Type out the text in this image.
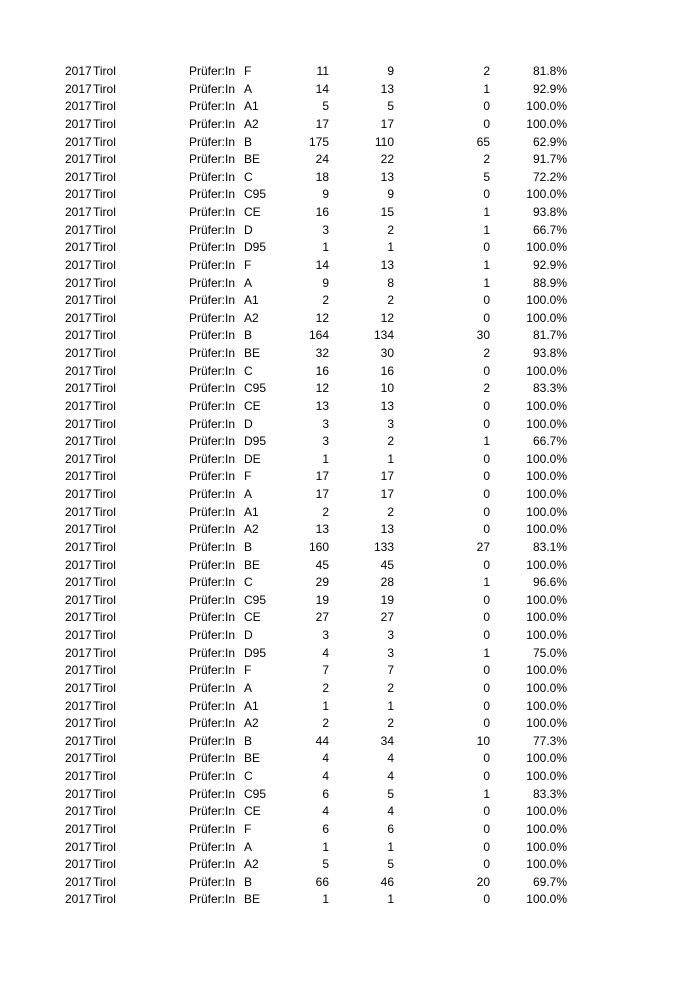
2017 Tirol	Prüfer:In F	11	9	2	81.8%
2017 Tirol	Prüfer:In A	14	13	1	92.9%
2017 Tirol	Prüfer:In A1	5	5	0	100.0%
2017 Tirol	Prüfer:In A2	17	17	0	100.0%
2017 Tirol	Prüfer:In B	175	110	65	62.9%
2017 Tirol	Prüfer:In BE	24	22	2	91.7%
2017 Tirol	Prüfer:In C	18	13	5	72.2%
2017 Tirol	Prüfer:In C95	9	9	0	100.0%
2017 Tirol	Prüfer:In CE	16	15	1	93.8%
2017 Tirol	Prüfer:In D	3	2	1	66.7%
2017 Tirol	Prüfer:In D95	1	1	0	100.0%
2017 Tirol	Prüfer:In F	14	13	1	92.9%
2017 Tirol	Prüfer:In A	9	8	1	88.9%
2017 Tirol	Prüfer:In A1	2	2	0	100.0%
2017 Tirol	Prüfer:In A2	12	12	0	100.0%
2017 Tirol	Prüfer:In B	164	134	30	81.7%
2017 Tirol	Prüfer:In BE	32	30	2	93.8%
2017 Tirol	Prüfer:In C	16	16	0	100.0%
2017 Tirol	Prüfer:In C95	12	10	2	83.3%
2017 Tirol	Prüfer:In CE	13	13	0	100.0%
2017 Tirol	Prüfer:In D	3	3	0	100.0%
2017 Tirol	Prüfer:In D95	3	2	1	66.7%
2017 Tirol	Prüfer:In DE	1	1	0	100.0%
2017 Tirol	Prüfer:In F	17	17	0	100.0%
2017 Tirol	Prüfer:In A	17	17	0	100.0%
2017 Tirol	Prüfer:In A1	2	2	0	100.0%
2017 Tirol	Prüfer:In A2	13	13	0	100.0%
2017 Tirol	Prüfer:In B	160	133	27	83.1%
2017 Tirol	Prüfer:In BE	45	45	0	100.0%
2017 Tirol	Prüfer:In C	29	28	1	96.6%
2017 Tirol	Prüfer:In C95	19	19	0	100.0%
2017 Tirol	Prüfer:In CE	27	27	0	100.0%
2017 Tirol	Prüfer:In D	3	3	0	100.0%
2017 Tirol	Prüfer:In D95	4	3	1	75.0%
2017 Tirol	Prüfer:In F	7	7	0	100.0%
2017 Tirol	Prüfer:In A	2	2	0	100.0%
2017 Tirol	Prüfer:In A1	1	1	0	100.0%
2017 Tirol	Prüfer:In A2	2	2	0	100.0%
2017 Tirol	Prüfer:In B	44	34	10	77.3%
2017 Tirol	Prüfer:In BE	4	4	0	100.0%
2017 Tirol	Prüfer:In C	4	4	0	100.0%
2017 Tirol	Prüfer:In C95	6	5	1	83.3%
2017 Tirol	Prüfer:In CE	4	4	0	100.0%
2017 Tirol	Prüfer:In F	6	6	0	100.0%
2017 Tirol	Prüfer:In A	1	1	0	100.0%
2017 Tirol	Prüfer:In A2	5	5	0	100.0%
2017 Tirol	Prüfer:In B	66	46	20	69.7%
2017 Tirol	Prüfer:In BE	1	1	0	100.0%
